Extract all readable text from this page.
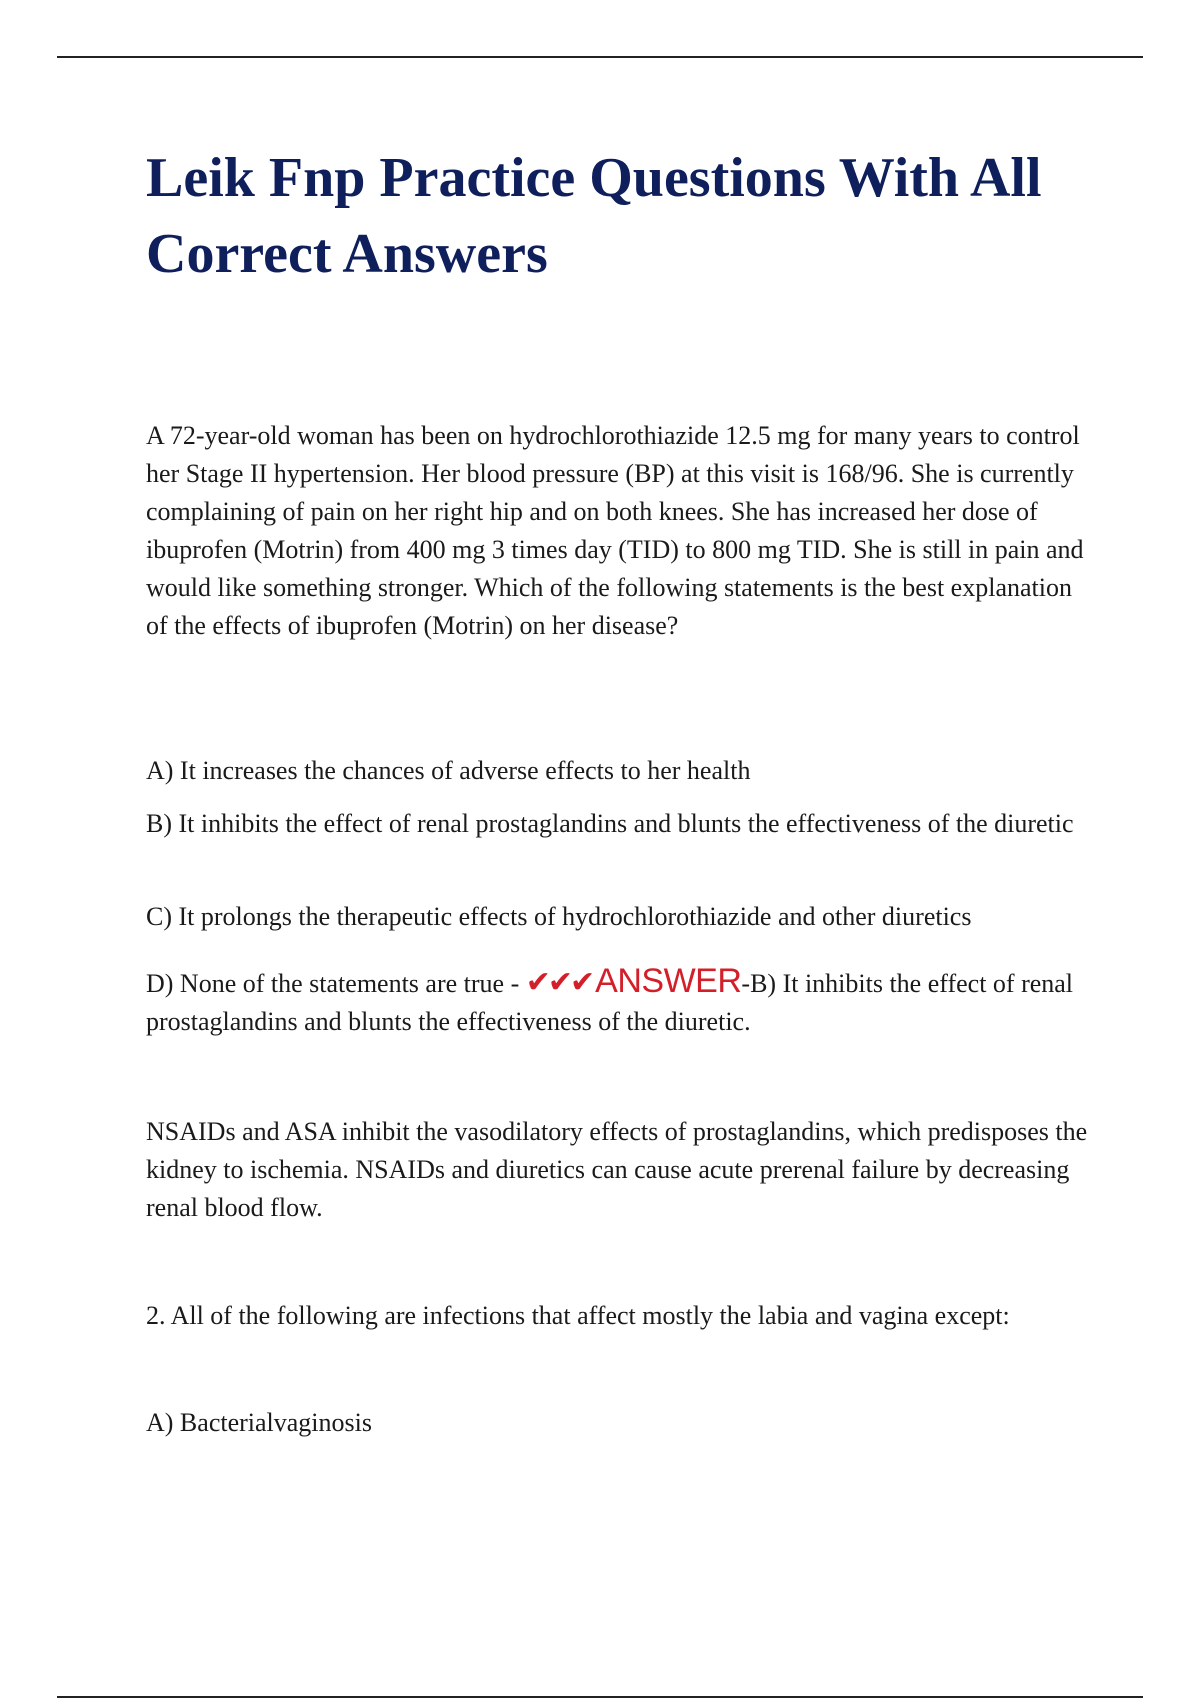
Leik Fnp Practice Questions With All Correct Answers

A 72-year-old woman has been on hydrochlorothiazide 12.5 mg for many years to control her Stage II hypertension. Her blood pressure (BP) at this visit is 168/96. She is currently complaining of pain on her right hip and on both knees. She has increased her dose of ibuprofen (Motrin) from 400 mg 3 times day (TID) to 800 mg TID. She is still in pain and would like something stronger. Which of the following statements is the best explanation of the effects of ibuprofen (Motrin) on her disease?

A) It increases the chances of adverse effects to her health

B) It inhibits the effect of renal prostaglandins and blunts the effectiveness of the diuretic

C) It prolongs the therapeutic effects of hydrochlorothiazide and other diuretics

D) None of the statements are true - ✔✔✔ANSWER-B) It inhibits the effect of renal prostaglandins and blunts the effectiveness of the diuretic.

NSAIDs and ASA inhibit the vasodilatory effects of prostaglandins, which predisposes the kidney to ischemia. NSAIDs and diuretics can cause acute prerenal failure by decreasing renal blood flow.

2. All of the following are infections that affect mostly the labia and vagina except:

A) Bacterialvaginosis
